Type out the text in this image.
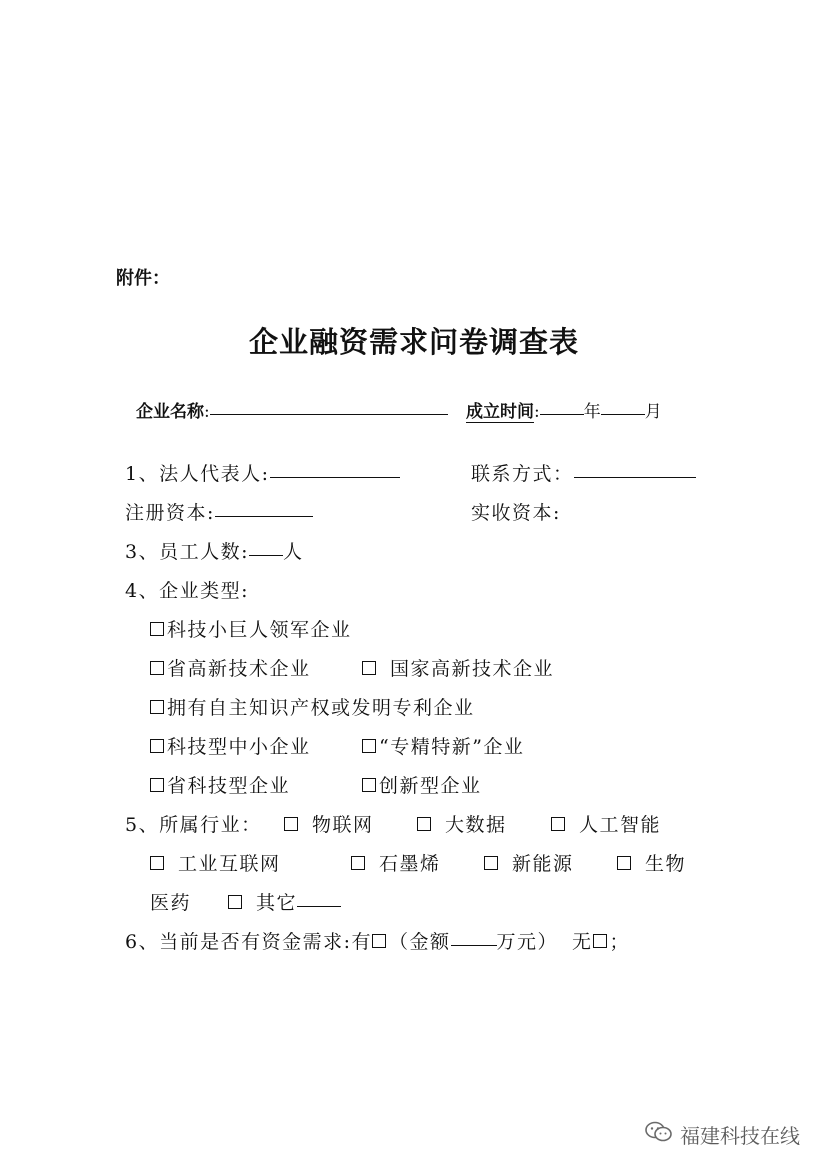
附件：
企业融资需求问卷调查表
企业名称:	成立时间:	年	月
1、法人代表人:	联系方式：
注册资本:	实收资本:
3、员工人数: 人
4、企业类型:
科技小巨人领军企业
省高新技术企业	国家高新技术企业
拥有自主知识产权或发明专利企业
科技型中小企业	“专精特新”企业
省科技型企业	创新型企业
5、所属行业：	物联网	大数据	人工智能
工业互联网	石墨烯	新能源	生物
医药	其它
6、当前是否有资金需求:有 （金额 万元） 无 ；
福建科技在线
